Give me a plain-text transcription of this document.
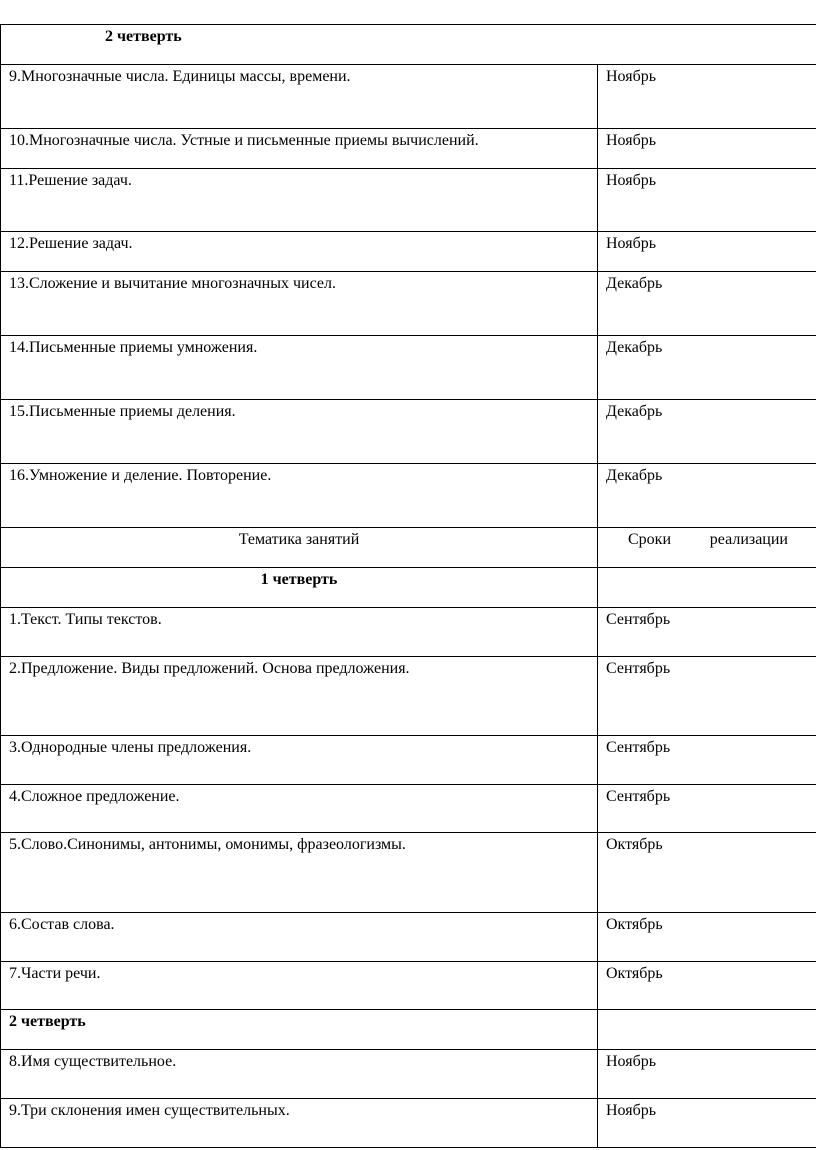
2 четверть
9.Многозначные числа. Единицы массы, времени.	Ноябрь
10.Многозначные числа. Устные и письменные приемы вычислений.	Ноябрь
11.Решение задач.	Ноябрь
12.Решение задач.	Ноябрь
13.Сложение и вычитание многозначных чисел.	Декабрь
14.Письменные приемы умножения.	Декабрь
15.Письменные приемы деления.	Декабрь
16.Умножение и деление. Повторение.	Декабрь
Тематика занятий	Сроки реализации
1 четверть
1.Текст. Типы текстов.	Сентябрь
2.Предложение. Виды предложений. Основа предложения.	Сентябрь
3.Однородные члены предложения.	Сентябрь
4.Сложное предложение.	Сентябрь
5.Слово.Синонимы, антонимы, омонимы, фразеологизмы.	Октябрь
6.Состав слова.	Октябрь
7.Части речи.	Октябрь
2 четверть
8.Имя существительное.	Ноябрь
9.Три склонения имен существительных.	Ноябрь
